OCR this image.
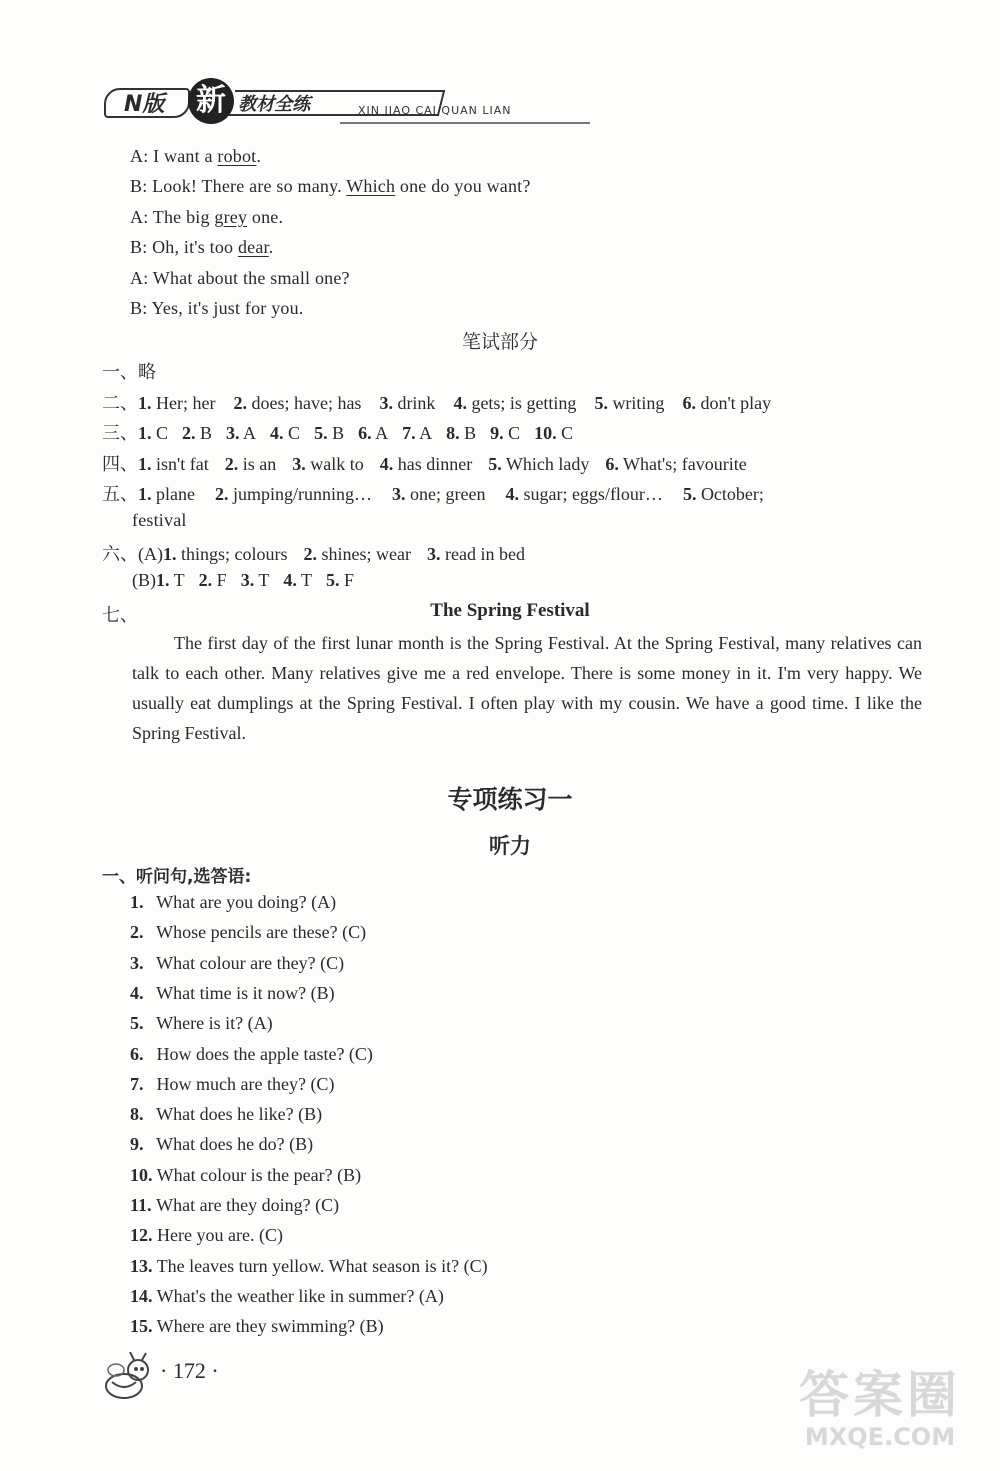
N版	新 教材全练	XIN JIAO CAI QUAN LIAN
A: I want a robot.
B: Look! There are so many. Which one do you want?
A: The big grey one.
B: Oh, it's too dear.
A: What about the small one?
B: Yes, it's just for you.
笔试部分
一、略
二、1. Her; her 2. does; have; has 3. drink 4. gets; is getting 5. writing 6. don't play
三、1. C 2. B 3. A 4. C 5. B 6. A 7. A 8. B 9. C 10. C
四、1. isn't fat 2. is an 3. walk to 4. has dinner 5. Which lady 6. What's; favourite
五、1. plane 2. jumping/running… 3. one; green 4. sugar; eggs/flour… 5. October;
festival
六、(A)1. things; colours 2. shines; wear 3. read in bed
(B)1. T 2. F 3. T 4. T 5. F
七、	The Spring Festival
The first day of the first lunar month is the Spring Festival. At the Spring Festival, many relatives can talk to each other. Many relatives give me a red envelope. There is some money in it. I'm very happy. We usually eat dumplings at the Spring Festival. I often play with my cousin. We have a good time. I like the Spring Festival.
专项练习一
听力
一、听问句,选答语:
1. What are you doing? (A)
2. Whose pencils are these? (C)
3. What colour are they? (C)
4. What time is it now? (B)
5. Where is it? (A)
6. How does the apple taste? (C)
7. How much are they? (C)
8. What does he like? (B)
9. What does he do? (B)
10. What colour is the pear? (B)
11. What are they doing? (C)
12. Here you are. (C)
13. The leaves turn yellow. What season is it? (C)
14. What's the weather like in summer? (A)
15. Where are they swimming? (B)
· 172 ·	答案圈
MXQE.COM
